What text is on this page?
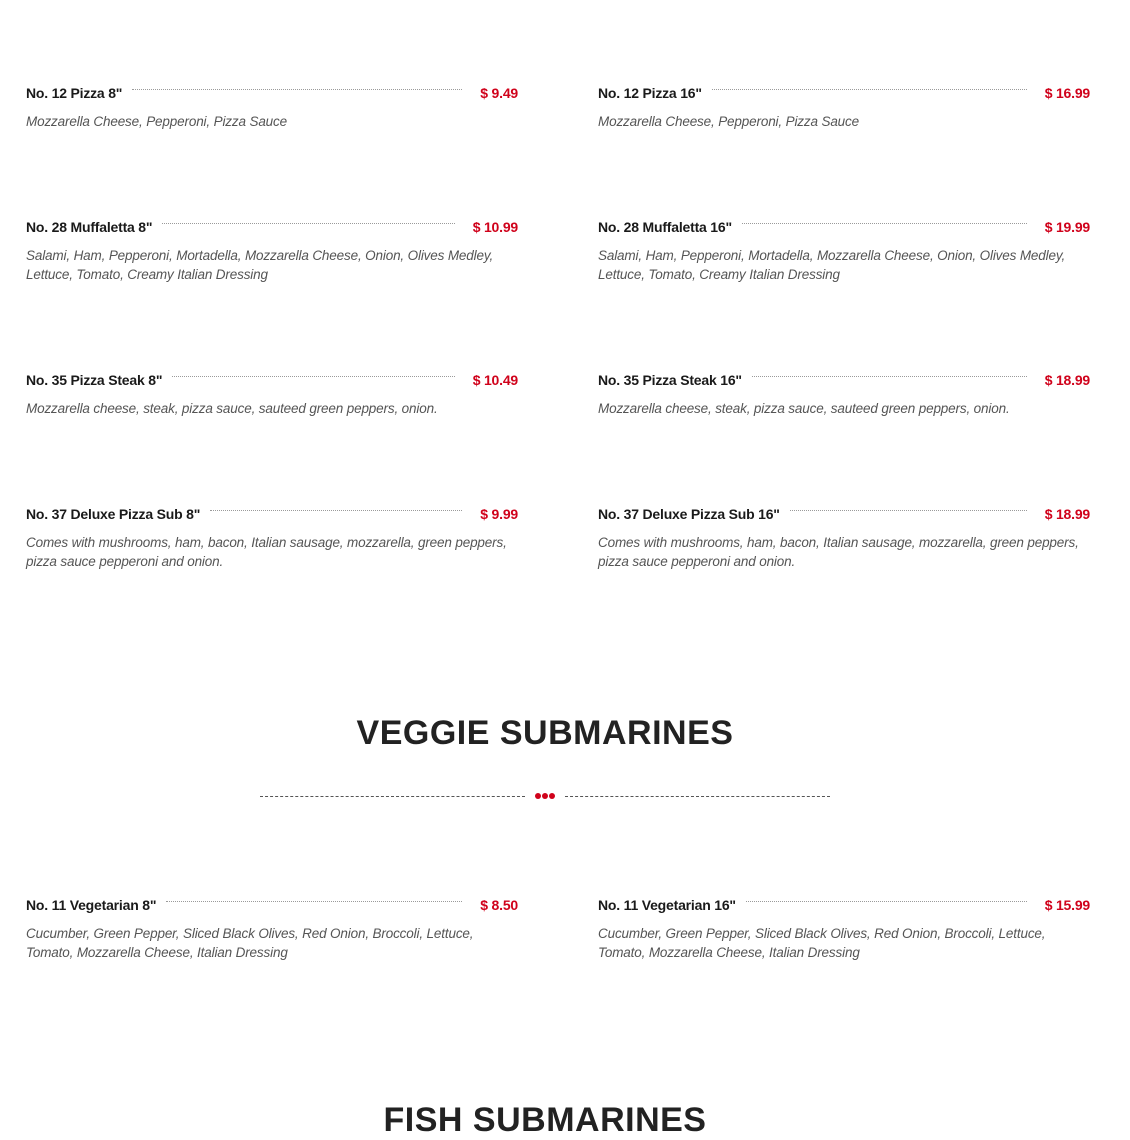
No. 12 Pizza 8"	$ 9.49
Mozzarella Cheese, Pepperoni, Pizza Sauce
No. 12 Pizza 16"	$ 16.99
Mozzarella Cheese, Pepperoni, Pizza Sauce
No. 28 Muffaletta 8"	$ 10.99
Salami, Ham, Pepperoni, Mortadella, Mozzarella Cheese, Onion, Olives Medley, Lettuce, Tomato, Creamy Italian Dressing
No. 28 Muffaletta 16"	$ 19.99
Salami, Ham, Pepperoni, Mortadella, Mozzarella Cheese, Onion, Olives Medley, Lettuce, Tomato, Creamy Italian Dressing
No. 35 Pizza Steak 8"	$ 10.49
Mozzarella cheese, steak, pizza sauce, sauteed green peppers, onion.
No. 35 Pizza Steak 16"	$ 18.99
Mozzarella cheese, steak, pizza sauce, sauteed green peppers, onion.
No. 37 Deluxe Pizza Sub 8"	$ 9.99
Comes with mushrooms, ham, bacon, Italian sausage, mozzarella, green peppers, pizza sauce pepperoni and onion.
No. 37 Deluxe Pizza Sub 16"	$ 18.99
Comes with mushrooms, ham, bacon, Italian sausage, mozzarella, green peppers, pizza sauce pepperoni and onion.
VEGGIE SUBMARINES
No. 11 Vegetarian 8"	$ 8.50
Cucumber, Green Pepper, Sliced Black Olives, Red Onion, Broccoli, Lettuce, Tomato, Mozzarella Cheese, Italian Dressing
No. 11 Vegetarian 16"	$ 15.99
Cucumber, Green Pepper, Sliced Black Olives, Red Onion, Broccoli, Lettuce, Tomato, Mozzarella Cheese, Italian Dressing
FISH SUBMARINES
